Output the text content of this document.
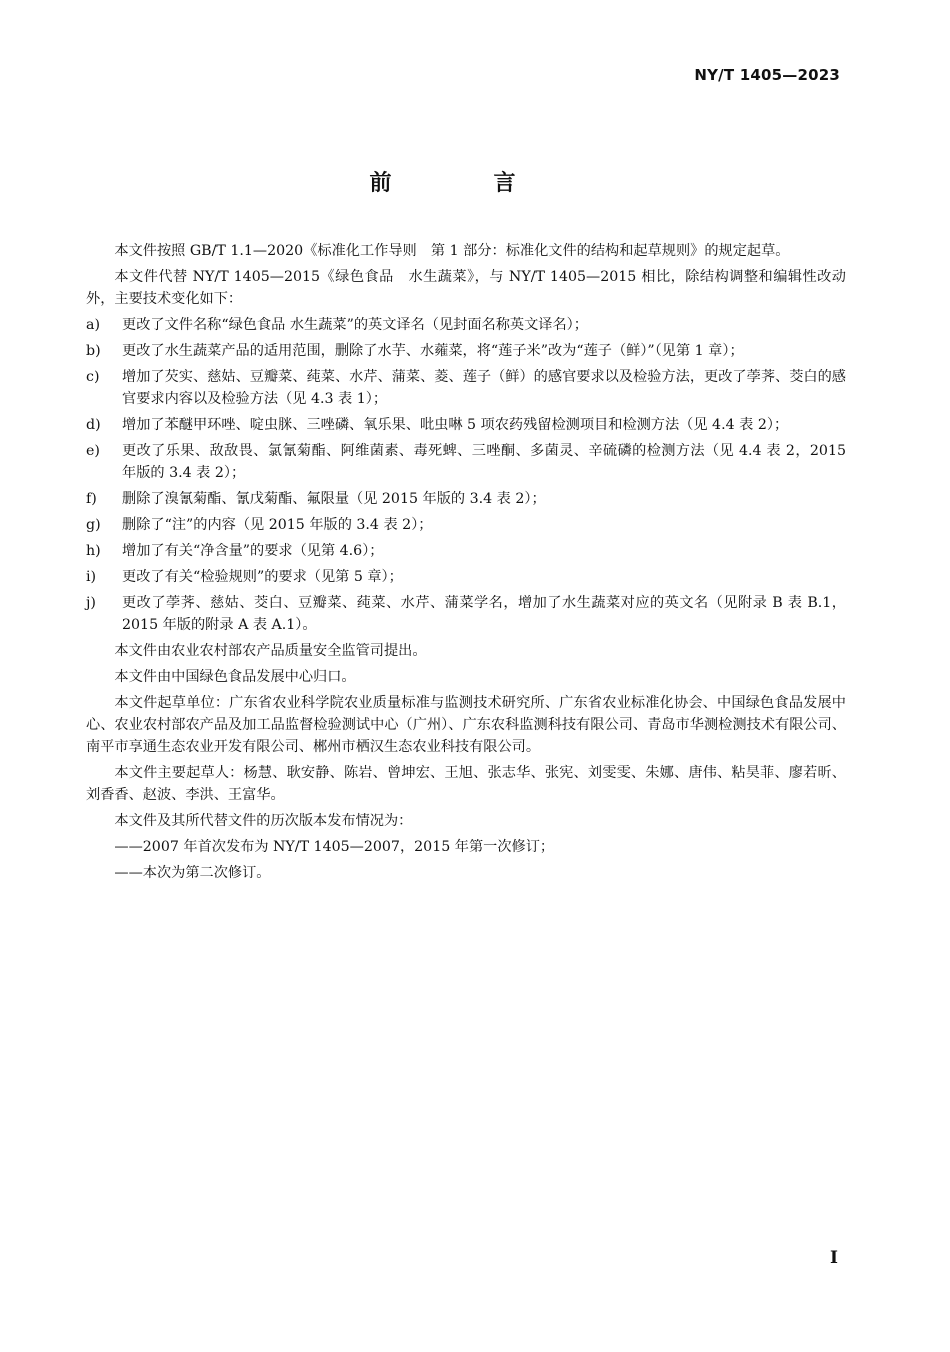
NY/T 1405—2023
前　言

本文件按照 GB/T 1.1—2020《标准化工作导则　第 1 部分：标准化文件的结构和起草规则》的规定起草。

本文件代替 NY/T 1405—2015《绿色食品　水生蔬菜》，与 NY/T 1405—2015 相比，除结构调整和编辑性改动外，主要技术变化如下：

a)	更改了文件名称“绿色食品 水生蔬菜”的英文译名（见封面名称英文译名）；
b)	更改了水生蔬菜产品的适用范围，删除了水芋、水蕹菜，将“莲子米”改为“莲子（鲜）”（见第 1 章）；
c)	增加了芡实、慈姑、豆瓣菜、莼菜、水芹、蒲菜、菱、莲子（鲜）的感官要求以及检验方法，更改了荸荠、茭白的感官要求内容以及检验方法（见 4.3 表 1）；
d)	增加了苯醚甲环唑、啶虫脒、三唑磷、氧乐果、吡虫啉 5 项农药残留检测项目和检测方法（见 4.4 表 2）；
e)	更改了乐果、敌敌畏、氯氰菊酯、阿维菌素、毒死蜱、三唑酮、多菌灵、辛硫磷的检测方法（见 4.4 表 2，2015 年版的 3.4 表 2）；
f)	删除了溴氰菊酯、氰戊菊酯、氟限量（见 2015 年版的 3.4 表 2）；
g)	删除了“注”的内容（见 2015 年版的 3.4 表 2）；
h)	增加了有关“净含量”的要求（见第 4.6）；
i)	更改了有关“检验规则”的要求（见第 5 章）；
j)	更改了荸荠、慈姑、茭白、豆瓣菜、莼菜、水芹、蒲菜学名，增加了水生蔬菜对应的英文名（见附录 B 表 B.1，2015 年版的附录 A 表 A.1）。

本文件由农业农村部农产品质量安全监管司提出。

本文件由中国绿色食品发展中心归口。

本文件起草单位：广东省农业科学院农业质量标准与监测技术研究所、广东省农业标准化协会、中国绿色食品发展中心、农业农村部农产品及加工品监督检验测试中心（广州）、广东农科监测科技有限公司、青岛市华测检测技术有限公司、南平市享通生态农业开发有限公司、郴州市栖汉生态农业科技有限公司。

本文件主要起草人：杨慧、耿安静、陈岩、曾坤宏、王旭、张志华、张宪、刘雯雯、朱娜、唐伟、粘昊菲、廖若昕、刘香香、赵波、李洪、王富华。

本文件及其所代替文件的历次版本发布情况为：

——2007 年首次发布为 NY/T 1405—2007，2015 年第一次修订；

——本次为第二次修订。

I
